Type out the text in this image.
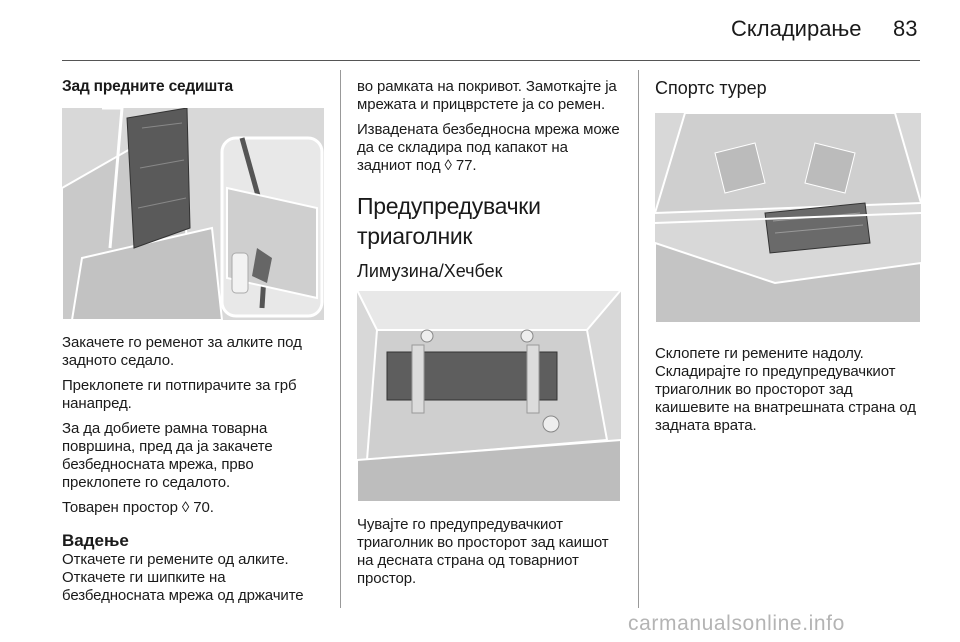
Складирање 83
Зад предните седишта

Закачете го ременот за алките под задното седало.

Преклопете ги потпирачите за грб нанапред.

За да добиете рамна товарна површина, пред да ја закачете безбедносната мрежа, прво преклопете го седалото.

Товарен простор ◊ 70.

Вадење

Откачете ги ремените од алките.

Откачете ги шипките на безбедносната мрежа од држачите

во рамката на покривот. Замоткајте ја мрежата и прицврстете ја со ремен.

Извадената безбедносна мрежа може да се складира под капакот на задниот под ◊ 77.

Предупредувачки триаголник
Лимузина/Хечбек

Чувајте го предупредувачкиот триаголник во просторот зад каишот на десната страна од товарниот простор.

Спортс турер

Склопете ги ремените надолу. Складирајте го предупредувачкиот триаголник во просторот зад каишевите на внатрешната страна од задната врата.

carmanualsonline.info
